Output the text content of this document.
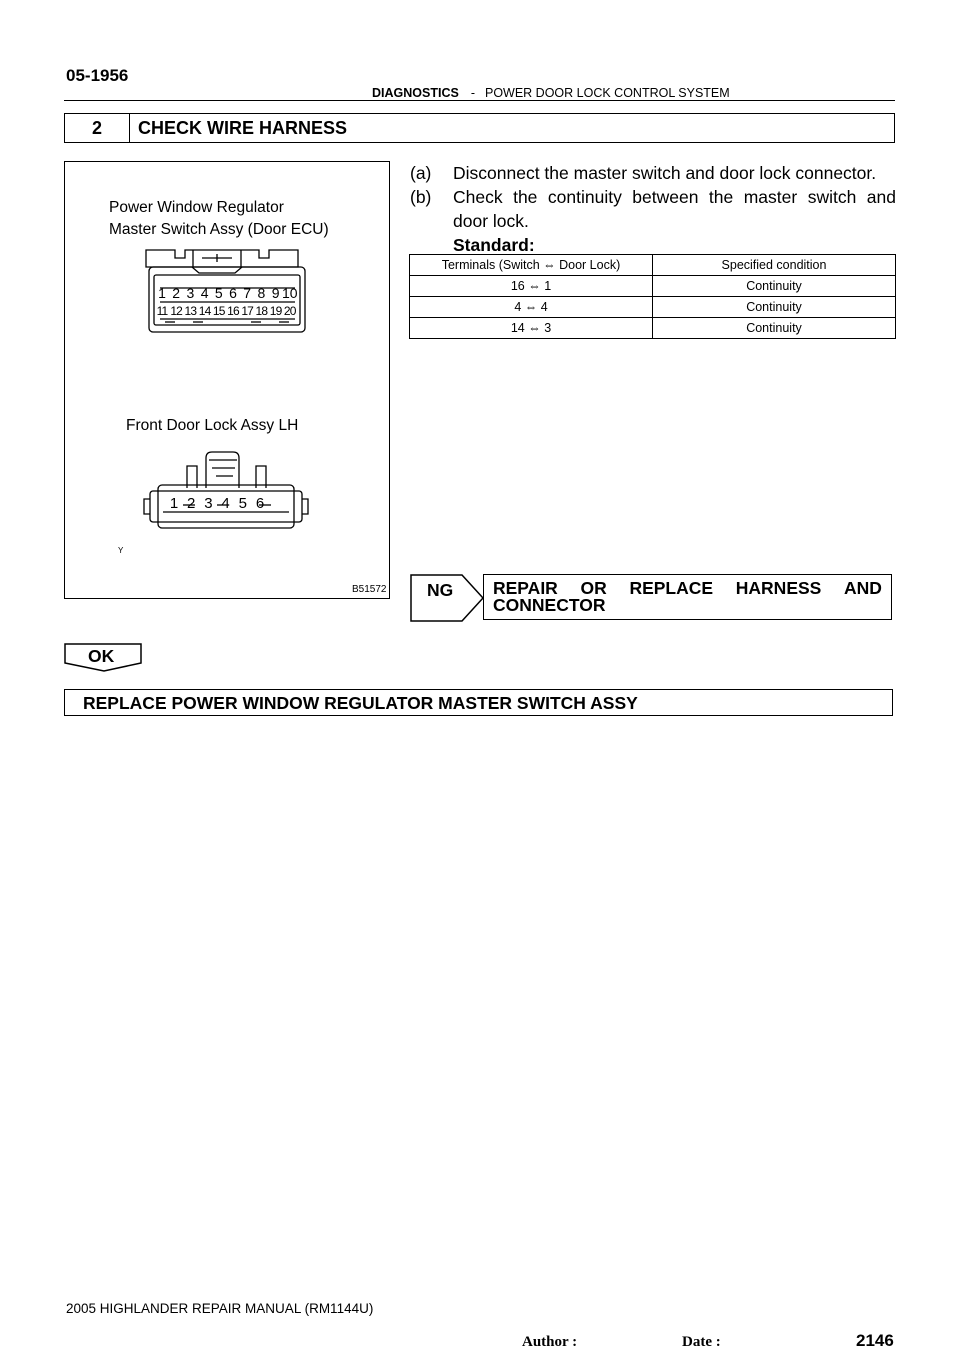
05-1956
DIAGNOSTICS - POWER DOOR LOCK CONTROL SYSTEM
2	CHECK WIRE HARNESS
Power Window Regulator
Master Switch Assy (Door ECU)
1 2 3 4 5 6 7 8 9 10
11 12 13 14 15 16 17 18 19 20
Front Door Lock Assy LH
1 2 3 4 5 6
Y
B51572
(a)	Disconnect the master switch and door lock connector.
(b)	Check the continuity between the master switch and door lock.
Standard:
Terminals (Switch ⇔ Door Lock)	Specified condition
16 ⇔ 1	Continuity
4 ⇔ 4	Continuity
14 ⇔ 3	Continuity
NG REPAIR OR REPLACE HARNESS AND
CONNECTOR
OK
REPLACE POWER WINDOW REGULATOR MASTER SWITCH ASSY
2005 HIGHLANDER REPAIR MANUAL (RM1144U)
Author :	Date :	2146
